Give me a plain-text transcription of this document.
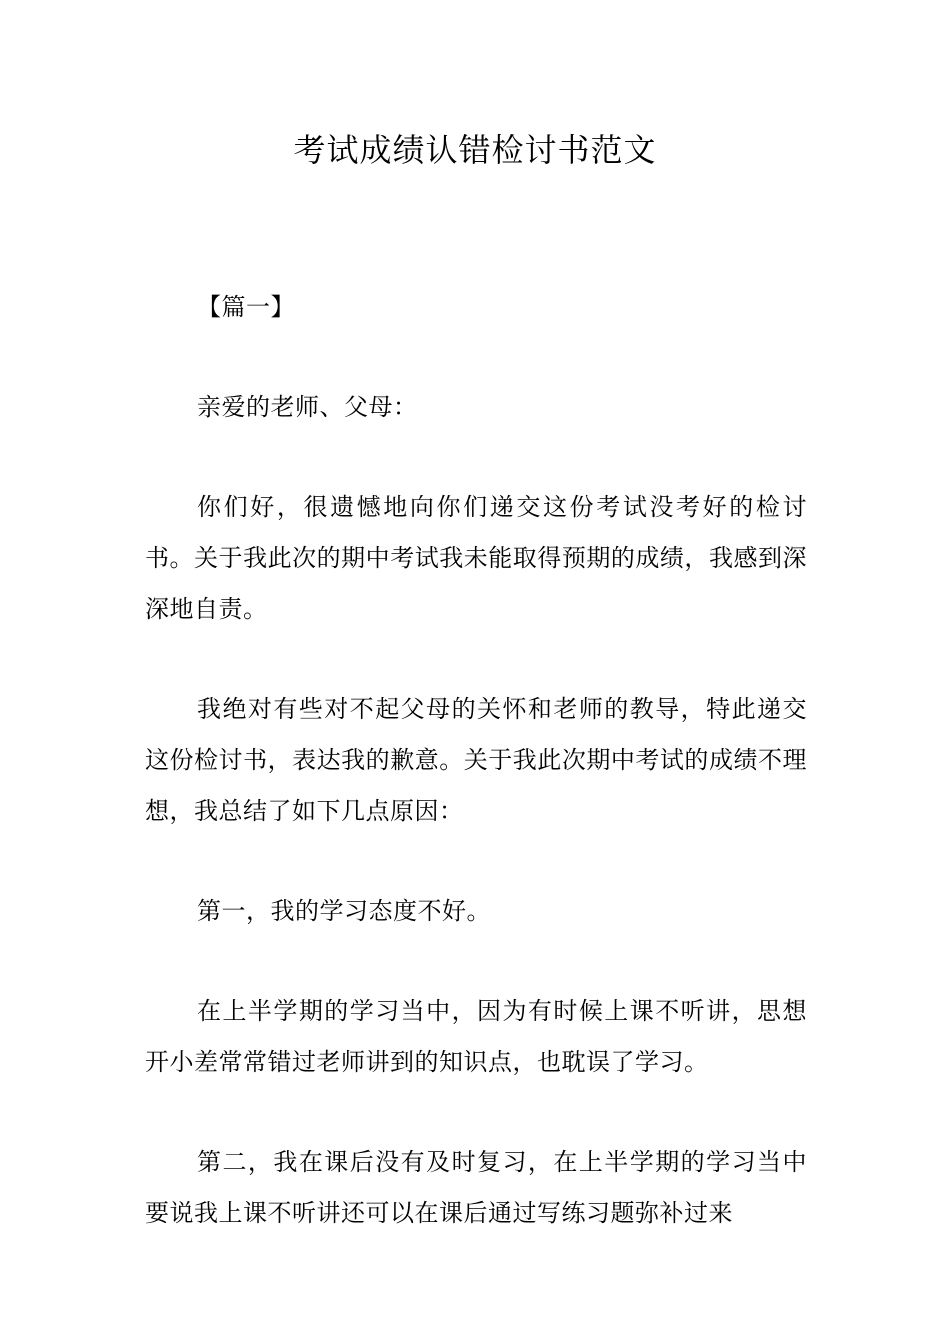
考试成绩认错检讨书范文

【篇一】

亲爱的老师、父母：

你们好，很遗憾地向你们递交这份考试没考好的检讨书。关于我此次的期中考试我未能取得预期的成绩，我感到深深地自责。

我绝对有些对不起父母的关怀和老师的教导，特此递交这份检讨书，表达我的歉意。关于我此次期中考试的成绩不理想，我总结了如下几点原因：

第一，我的学习态度不好。

在上半学期的学习当中，因为有时候上课不听讲，思想开小差常常错过老师讲到的知识点，也耽误了学习。

第二，我在课后没有及时复习，在上半学期的学习当中要说我上课不听讲还可以在课后通过写练习题弥补过来
